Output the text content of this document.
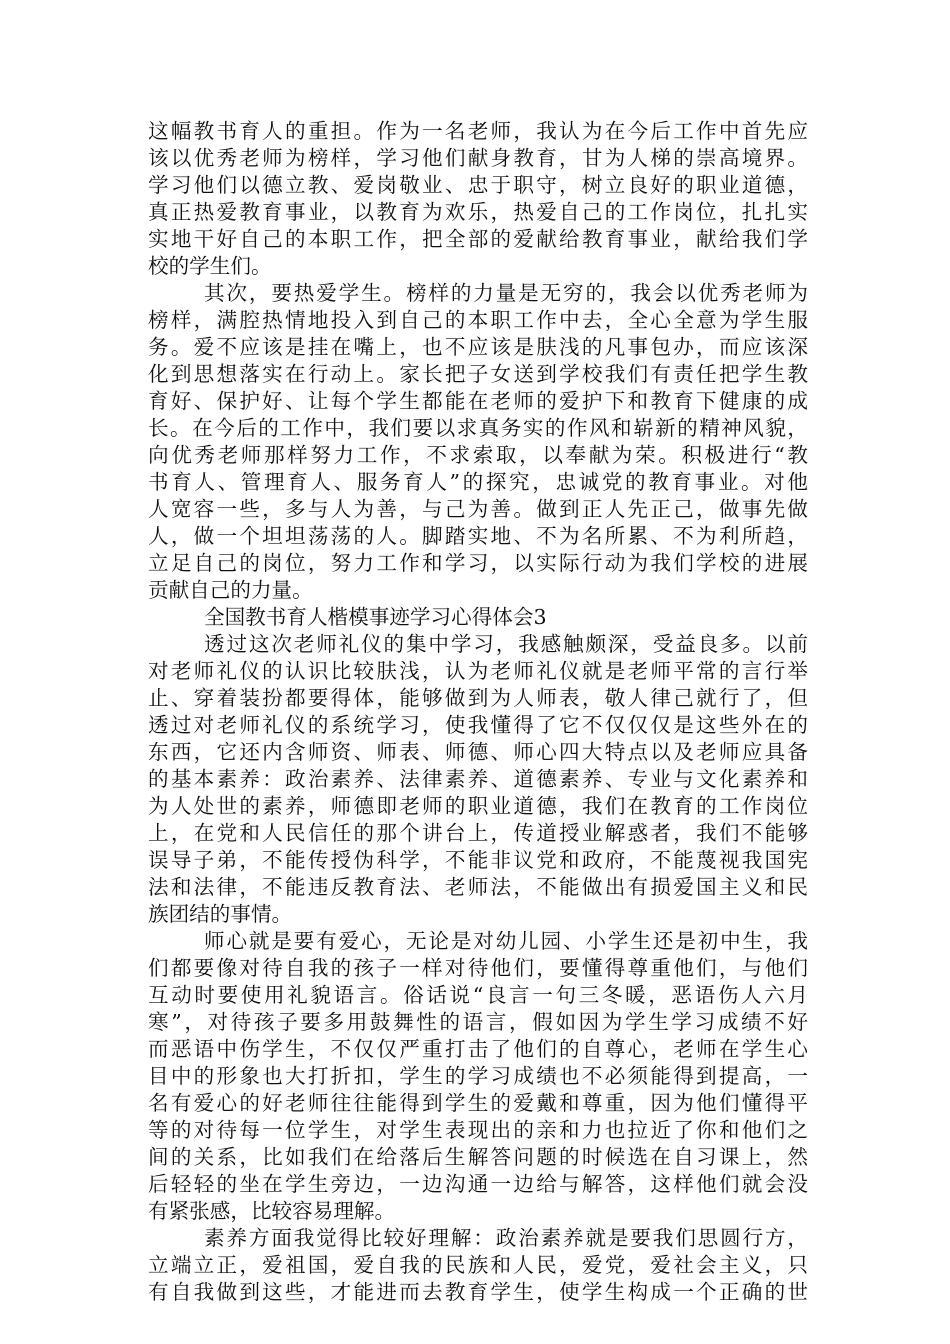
这幅教书育人的重担。作为一名老师，我认为在今后工作中首先应
该以优秀老师为榜样，学习他们献身教育，甘为人梯的崇高境界。
学习他们以德立教、爱岗敬业、忠于职守，树立良好的职业道德，
真正热爱教育事业，以教育为欢乐，热爱自己的工作岗位，扎扎实
实地干好自己的本职工作，把全部的爱献给教育事业，献给我们学
校的学生们。
其次，要热爱学生。榜样的力量是无穷的，我会以优秀老师为
榜样，满腔热情地投入到自己的本职工作中去，全心全意为学生服
务。爱不应该是挂在嘴上，也不应该是肤浅的凡事包办，而应该深
化到思想落实在行动上。家长把子女送到学校我们有责任把学生教
育好、保护好、让每个学生都能在老师的爱护下和教育下健康的成
长。在今后的工作中，我们要以求真务实的作风和崭新的精神风貌，
向优秀老师那样努力工作，不求索取，以奉献为荣。积极进行“教
书育人、管理育人、服务育人”的探究，忠诚党的教育事业。对他
人宽容一些，多与人为善，与己为善。做到正人先正己，做事先做
人，做一个坦坦荡荡的人。脚踏实地、不为名所累、不为利所趋，
立足自己的岗位，努力工作和学习，以实际行动为我们学校的进展
贡献自己的力量。
全国教书育人楷模事迹学习心得体会3
透过这次老师礼仪的集中学习，我感触颇深，受益良多。以前
对老师礼仪的认识比较肤浅，认为老师礼仪就是老师平常的言行举
止、穿着装扮都要得体，能够做到为人师表，敬人律己就行了，但
透过对老师礼仪的系统学习，使我懂得了它不仅仅仅是这些外在的
东西，它还内含师资、师表、师德、师心四大特点以及老师应具备
的基本素养：政治素养、法律素养、道德素养、专业与文化素养和
为人处世的素养，师德即老师的职业道德，我们在教育的工作岗位
上，在党和人民信任的那个讲台上，传道授业解惑者，我们不能够
误导子弟，不能传授伪科学，不能非议党和政府，不能蔑视我国宪
法和法律，不能违反教育法、老师法，不能做出有损爱国主义和民
族团结的事情。
师心就是要有爱心，无论是对幼儿园、小学生还是初中生，我
们都要像对待自我的孩子一样对待他们，要懂得尊重他们，与他们
互动时要使用礼貌语言。俗话说“良言一句三冬暖，恶语伤人六月
寒”，对待孩子要多用鼓舞性的语言，假如因为学生学习成绩不好
而恶语中伤学生，不仅仅严重打击了他们的自尊心，老师在学生心
目中的形象也大打折扣，学生的学习成绩也不必须能得到提高，一
名有爱心的好老师往往能得到学生的爱戴和尊重，因为他们懂得平
等的对待每一位学生，对学生表现出的亲和力也拉近了你和他们之
间的关系，比如我们在给落后生解答问题的时候选在自习课上，然
后轻轻的坐在学生旁边，一边沟通一边给与解答，这样他们就会没
有紧张感，比较容易理解。
素养方面我觉得比较好理解：政治素养就是要我们思圆行方，
立端立正，爱祖国，爱自我的民族和人民，爱党，爱社会主义，只
有自我做到这些，才能进而去教育学生，使学生构成一个正确的世
